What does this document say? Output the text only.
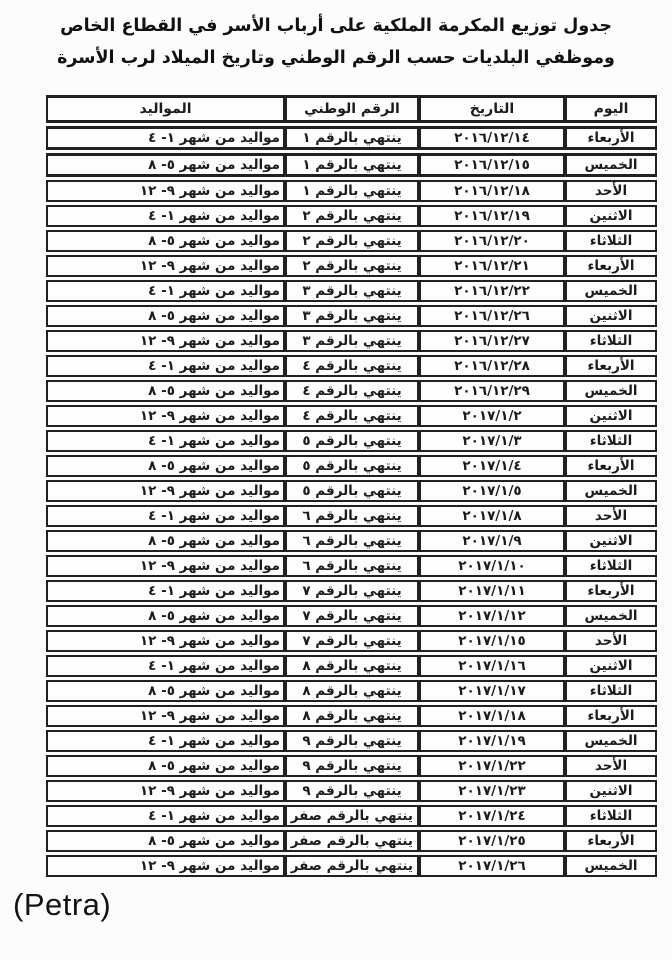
جدول توزيع المكرمة الملكية على أرباب الأسر في القطاع الخاص
وموظفي البلديات حسب الرقم الوطني وتاريخ الميلاد لرب الأسرة
اليوم	التاريخ	الرقم الوطني	المواليد
الأربعاء	٢٠١٦/١٢/١٤	ينتهي بالرقم ١	مواليد من شهر ١- ٤
الخميس	٢٠١٦/١٢/١٥	ينتهي بالرقم ١	مواليد من شهر ٥- ٨
الأحد	٢٠١٦/١٢/١٨	ينتهي بالرقم ١	مواليد من شهر ٩- ١٢
الاثنين	٢٠١٦/١٢/١٩	ينتهي بالرقم ٢	مواليد من شهر ١- ٤
الثلاثاء	٢٠١٦/١٢/٢٠	ينتهي بالرقم ٢	مواليد من شهر ٥- ٨
الأربعاء	٢٠١٦/١٢/٢١	ينتهي بالرقم ٢	مواليد من شهر ٩- ١٢
الخميس	٢٠١٦/١٢/٢٢	ينتهي بالرقم ٣	مواليد من شهر ١- ٤
الاثنين	٢٠١٦/١٢/٢٦	ينتهي بالرقم ٣	مواليد من شهر ٥- ٨
الثلاثاء	٢٠١٦/١٢/٢٧	ينتهي بالرقم ٣	مواليد من شهر ٩- ١٢
الأربعاء	٢٠١٦/١٢/٢٨	ينتهي بالرقم ٤	مواليد من شهر ١- ٤
الخميس	٢٠١٦/١٢/٢٩	ينتهي بالرقم ٤	مواليد من شهر ٥- ٨
الاثنين	٢٠١٧/١/٢	ينتهي بالرقم ٤	مواليد من شهر ٩- ١٢
الثلاثاء	٢٠١٧/١/٣	ينتهي بالرقم ٥	مواليد من شهر ١- ٤
الأربعاء	٢٠١٧/١/٤	ينتهي بالرقم ٥	مواليد من شهر ٥- ٨
الخميس	٢٠١٧/١/٥	ينتهي بالرقم ٥	مواليد من شهر ٩- ١٢
الأحد	٢٠١٧/١/٨	ينتهي بالرقم ٦	مواليد من شهر ١- ٤
الاثنين	٢٠١٧/١/٩	ينتهي بالرقم ٦	مواليد من شهر ٥- ٨
الثلاثاء	٢٠١٧/١/١٠	ينتهي بالرقم ٦	مواليد من شهر ٩- ١٢
الأربعاء	٢٠١٧/١/١١	ينتهي بالرقم ٧	مواليد من شهر ١- ٤
الخميس	٢٠١٧/١/١٢	ينتهي بالرقم ٧	مواليد من شهر ٥- ٨
الأحد	٢٠١٧/١/١٥	ينتهي بالرقم ٧	مواليد من شهر ٩- ١٢
الاثنين	٢٠١٧/١/١٦	ينتهي بالرقم ٨	مواليد من شهر ١- ٤
الثلاثاء	٢٠١٧/١/١٧	ينتهي بالرقم ٨	مواليد من شهر ٥- ٨
الأربعاء	٢٠١٧/١/١٨	ينتهي بالرقم ٨	مواليد من شهر ٩- ١٢
الخميس	٢٠١٧/١/١٩	ينتهي بالرقم ٩	مواليد من شهر ١- ٤
الأحد	٢٠١٧/١/٢٢	ينتهي بالرقم ٩	مواليد من شهر ٥- ٨
الاثنين	٢٠١٧/١/٢٣	ينتهي بالرقم ٩	مواليد من شهر ٩- ١٢
الثلاثاء	٢٠١٧/١/٢٤	ينتهي بالرقم صفر	مواليد من شهر ١- ٤
الأربعاء	٢٠١٧/١/٢٥	ينتهي بالرقم صفر	مواليد من شهر ٥- ٨
الخميس	٢٠١٧/١/٢٦	ينتهي بالرقم صفر	مواليد من شهر ٩- ١٢
(Petra)
